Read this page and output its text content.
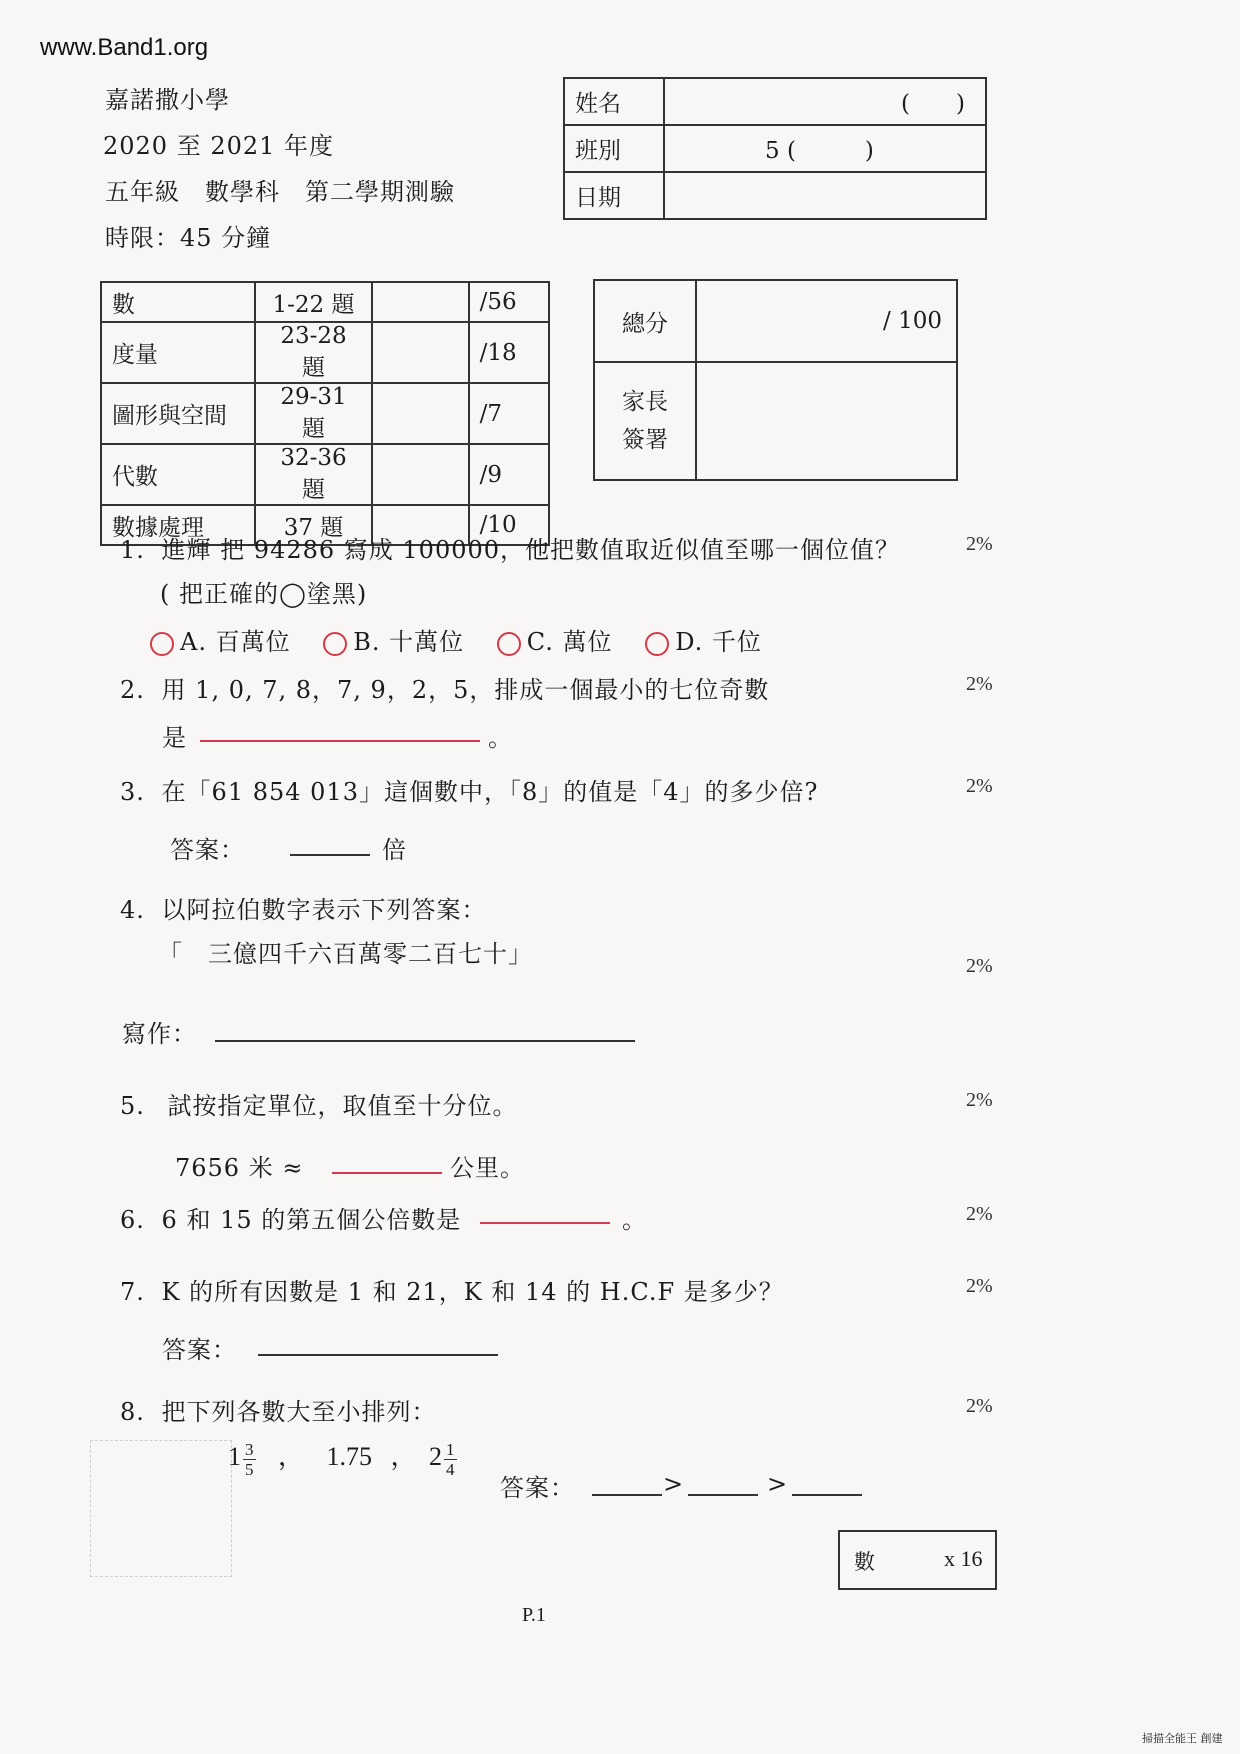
www.Band1.org
嘉諾撒小學
2020 至 2021 年度
五年級　數學科　第二學期測驗
時限：45 分鐘
姓名	(　　)
班別	5 (　　　)
日期	
數	1-22 題		/56
度量	23-28 題		/18
圖形與空間	29-31 題		/7
代數	32-36 題		/9
數據處理	37 題		/10
總分	/ 100

家長
簽署	

1. 進輝 把 94286 寫成 100000，他把數值取近似值至哪一個位值？	2%
( 把正確的◯塗黑)
A. 百萬位	B. 十萬位	C. 萬位	D. 千位
2. 用 1, 0, 7, 8，7, 9，2，5，排成一個最小的七位奇數	2%
是	。
3. 在「61 854 013」這個數中，「8」的值是「4」的多少倍?	2%
答案：	倍
4. 以阿拉伯數字表示下列答案：
「　三億四千六百萬零二百七十」	2%
寫作：
5. 試按指定單位，取值至十分位。	2%
7656 米 ≈	公里。
6. 6 和 15 的第五個公倍數是	。	2%
7. K 的所有因數是 1 和 21，K 和 14 的 H.C.F 是多少？	2%
答案：
8. 把下列各數大至小排列：	2%
$1 \frac{3}{5}$ ， 1.75 ， $2 \frac{1}{4}$
答案：	>	>
數	x 16
P.1
掃描全能王 創建
